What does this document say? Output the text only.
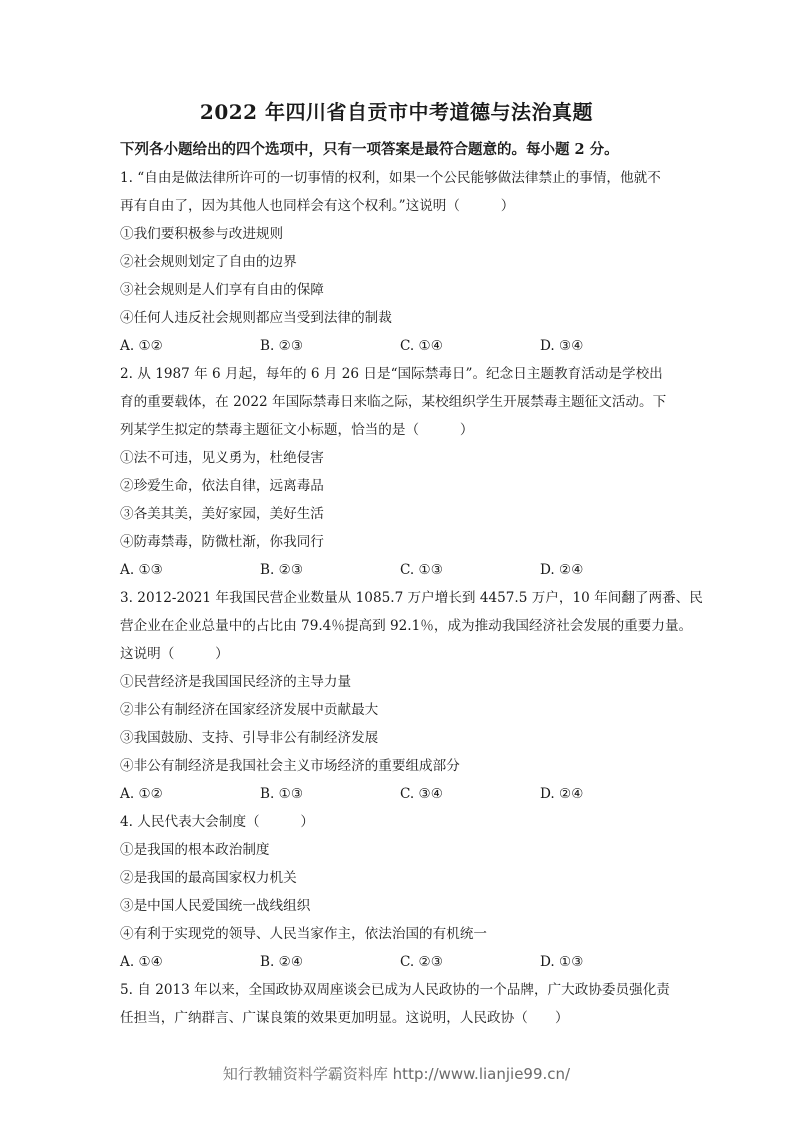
2022 年四川省自贡市中考道德与法治真题
下列各小题给出的四个选项中，只有一项答案是最符合题意的。每小题 2 分。
1. “自由是做法律所许可的一切事情的权利，如果一个公民能够做法律禁止的事情，他就不
再有自由了，因为其他人也同样会有这个权利。”这说明（　　　）
①我们要积极参与改进规则
②社会规则划定了自由的边界
③社会规则是人们享有自由的保障
④任何人违反社会规则都应当受到法律的制裁
A. ①②	B. ②③	C. ①④	D. ③④
2. 从 1987 年 6 月起，每年的 6 月 26 日是“国际禁毒日”。纪念日主题教育活动是学校出
育的重要载体，在 2022 年国际禁毒日来临之际，某校组织学生开展禁毒主题征文活动。下
列某学生拟定的禁毒主题征文小标题，恰当的是（　　　）
①法不可违，见义勇为，杜绝侵害
②珍爱生命，依法自律，远离毒品
③各美其美，美好家园，美好生活
④防毒禁毒，防微杜渐，你我同行
A. ①③	B. ②③	C. ①③	D. ②④
3. 2012-2021 年我国民营企业数量从 1085.7 万户增长到 4457.5 万户，10 年间翻了两番、民
营企业在企业总量中的占比由 79.4％提高到 92.1％，成为推动我国经济社会发展的重要力量。
这说明（　　　）
①民营经济是我国国民经济的主导力量
②非公有制经济在国家经济发展中贡献最大
③我国鼓励、支持、引导非公有制经济发展
④非公有制经济是我国社会主义市场经济的重要组成部分
A. ①②	B. ①③	C. ③④	D. ②④
4. 人民代表大会制度（　　　）
①是我国的根本政治制度
②是我国的最高国家权力机关
③是中国人民爱国统一战线组织
④有利于实现党的领导、人民当家作主，依法治国的有机统一
A. ①④	B. ②④	C. ②③	D. ①③
5. 自 2013 年以来，全国政协双周座谈会已成为人民政协的一个品牌，广大政协委员强化责
任担当，广纳群言、广谋良策的效果更加明显。这说明，人民政协（　　）
知行教辅资料学霸资料库 http://www.lianjie99.cn/
